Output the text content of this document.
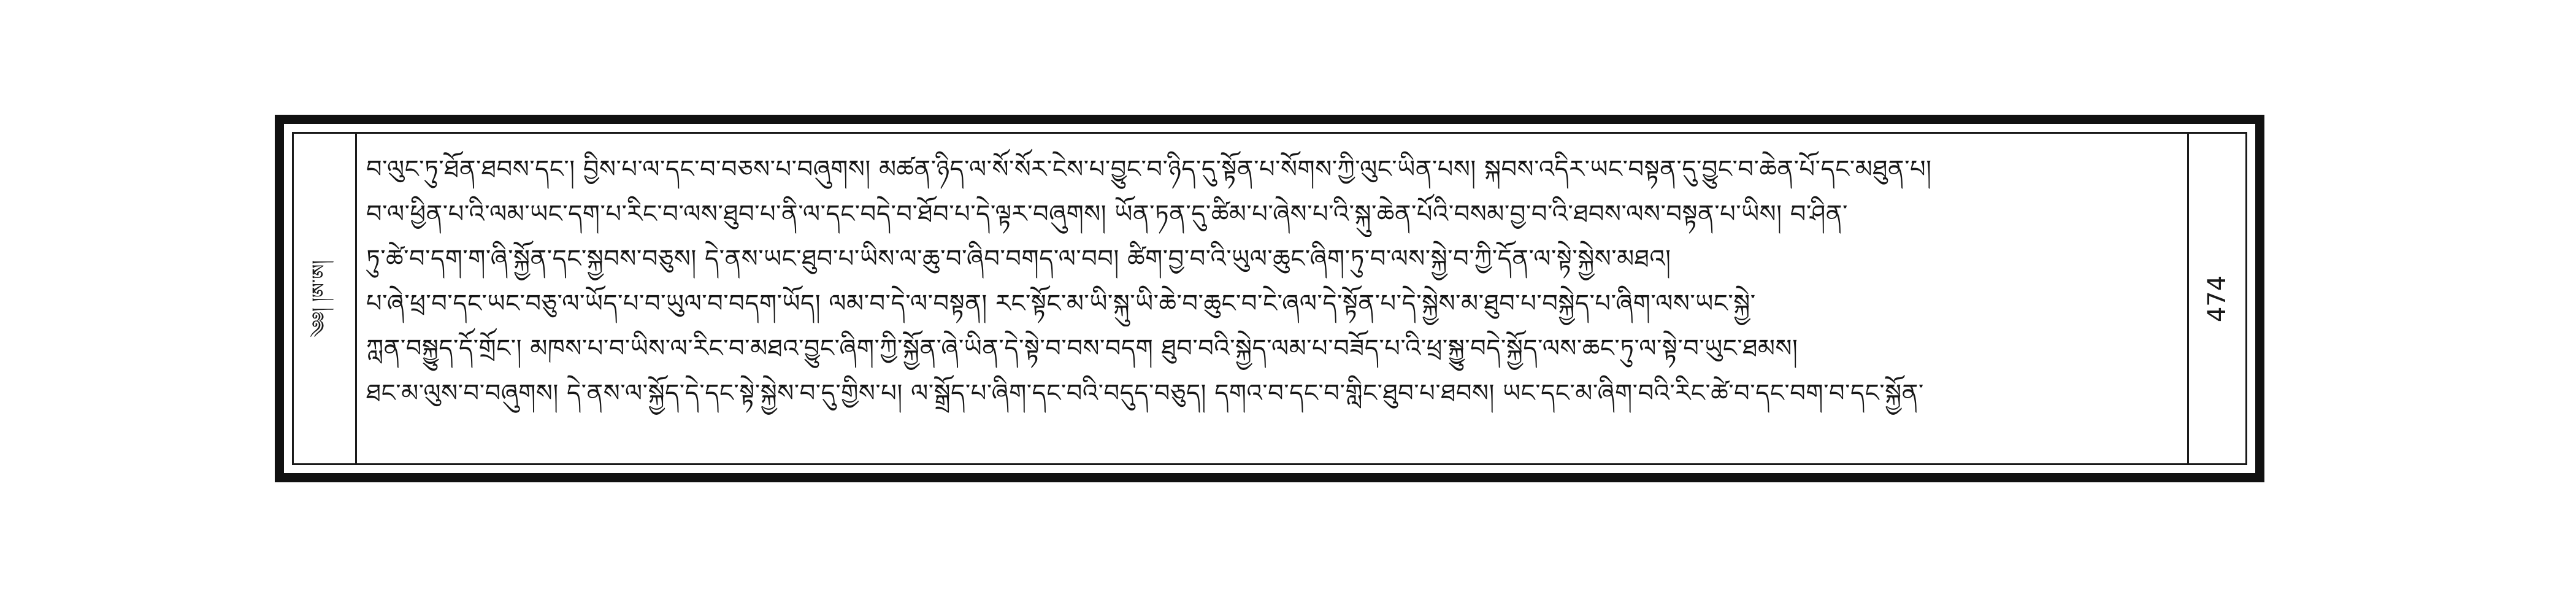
༄༅། །ཨ་ཨ།
བ་ལུང་ཏུ་ཐོན་ཐབས་དང་། བྱིས་པ་ལ་དང་བ་བཅས་པ་བཞུགས། མཚན་ཉིད་ལ་སོ་སོར་ངེས་པ་བྱུང་བ་ཉིད་དུ་སྟོན་པ་སོགས་ཀྱི་ལུང་ཡིན་པས། སྐབས་འདིར་ཡང་བསྟན་དུ་བྱུང་བ་ཆེན་པོ་དང་མཐུན་པ།
བ་ལ་ཕྱིན་པ་འི་ལམ་ཡང་དག་པ་རིང་བ་ལས་ཐུབ་པ་ནི་ལ་དང་བདེ་བ་ཐོབ་པ་དེ་ལྟར་བཞུགས། ཡོན་ཏན་དུ་ཚིམ་པ་ཞེས་པ་འི་སྐུ་ཆེན་པོའི་བསམ་བྱ་བ་འི་ཐབས་ལས་བསྟན་པ་ཡིས། བ་ཤིན་
ཏུ་ཚེ་བ་དག་ག་ཞི་སྐྱོན་དང་སྐྱབས་བཅུས། དེ་ནས་ཡང་ཐུབ་པ་ཡིས་ལ་ཆུ་བ་ཞིབ་བགད་ལ་བབ། ཚིག་བྱ་བ་འི་ཡུལ་ཆུང་ཞིག་ཏུ་བ་ལས་སྐྱེ་བ་ཀྱི་དོན་ལ་སྟེ་སྐྱེས་མཐའ།
པ་ཞེ་ཕྲ་བ་དང་ཡང་བཅུ་ལ་ཡོད་པ་བ་ཡུལ་བ་བདག་ཡོད། ལམ་བ་དེ་ལ་བསྟན། རང་སྟོང་མ་ཡི་སྐུ་ཡི་ཆེ་བ་ཆུང་བ་ངེ་ཞལ་དེ་སྟོན་པ་དེ་སྐྱེས་མ་ཐུབ་པ་བསྐྱེད་པ་ཞིག་ལས་ཡང་སྐྱེ་
ཀླན་བསྐྱུད་དོ་གྲོང་། མཁས་པ་བ་ཡིས་ལ་རིང་བ་མཐའ་བྱུང་ཞིག་ཀྱི་སྐྱོན་ཞེ་ཡིན་དེ་སྟེ་བ་བས་བདག ཐུབ་བའི་སྐྱེད་ལམ་པ་བཟོད་པ་འི་ཕྲ་སྐྱུ་བདེ་སྐྱོད་ལས་ཆང་ཏུ་ལ་སྟེ་བ་ཡུང་ཐམས།
ཐང་མ་ལུས་བ་བཞུགས། དེ་ནས་ལ་སྐྱོད་དེ་དང་སྟེ་སྐྱེས་བ་དུ་གྱིས་པ། ལ་སྒྲོད་པ་ཞིག་དང་བའི་བདུད་བཅུད། དགའ་བ་དང་བ་གླིང་ཐུབ་པ་ཐབས། ཡང་དང་མ་ཞིག་བའི་རིང་ཚེ་བ་དང་བག་བ་དང་སྐྱོན་
474
